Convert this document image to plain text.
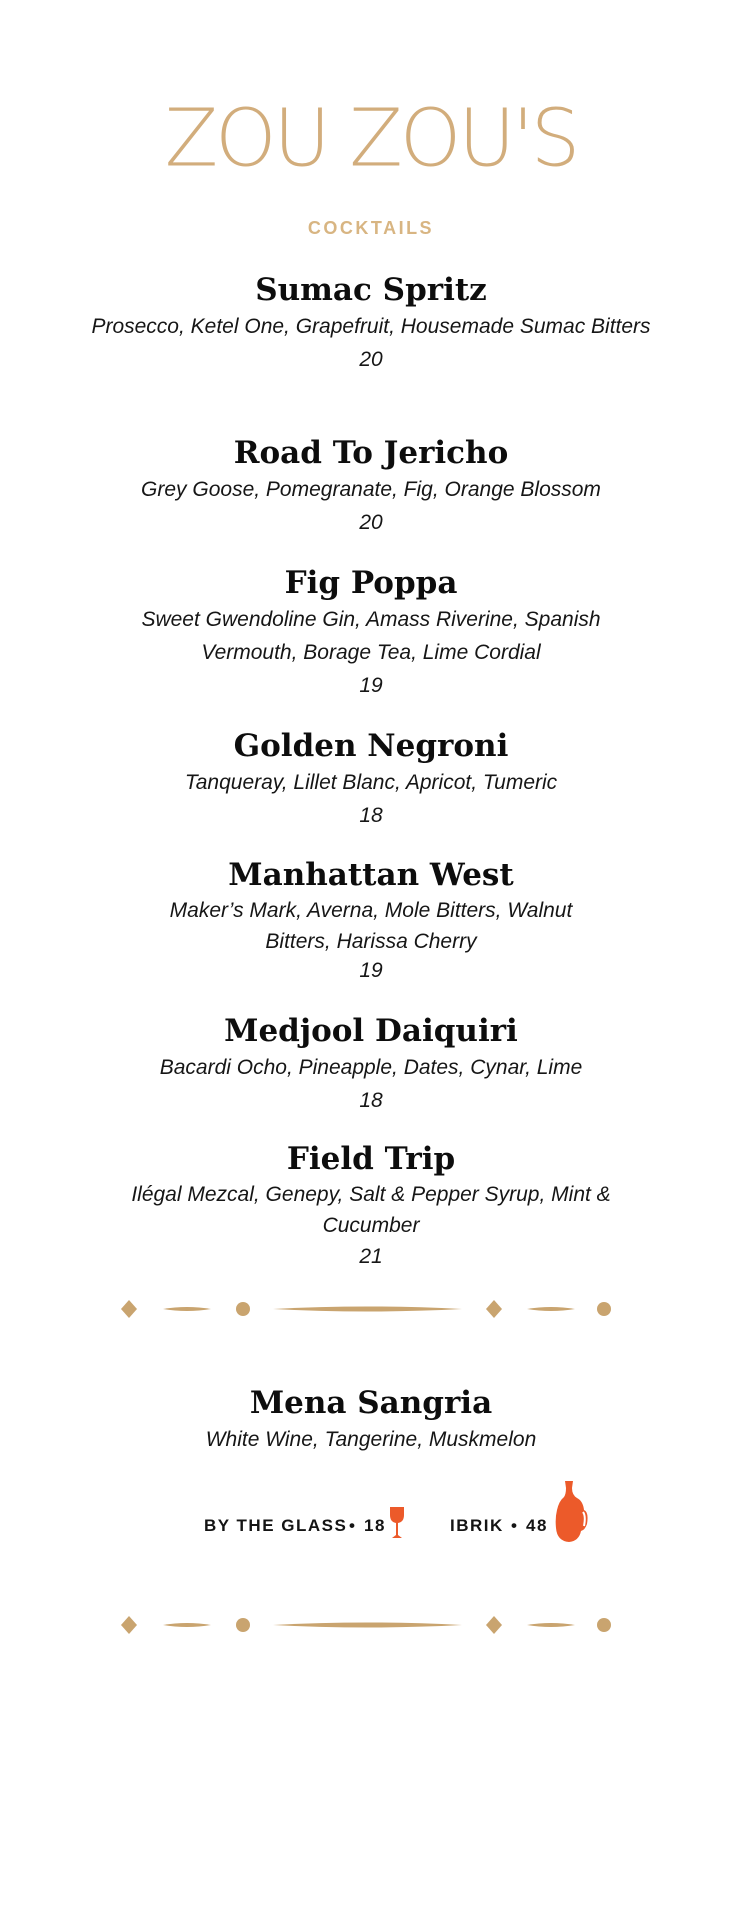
ZOU ZOU'S
COCKTAILS
Sumac Spritz
Prosecco, Ketel One, Grapefruit, Housemade Sumac Bitters
20
Road To Jericho
Grey Goose, Pomegranate, Fig, Orange Blossom
20
Fig Poppa
Sweet Gwendoline Gin, Amass Riverine, Spanish Vermouth, Borage Tea, Lime Cordial
19
Golden Negroni
Tanqueray, Lillet Blanc, Apricot, Tumeric
18
Manhattan West
Maker’s Mark, Averna, Mole Bitters, Walnut Bitters, Harissa Cherry
19
Medjool Daiquiri
Bacardi Ocho, Pineapple, Dates, Cynar, Lime
18
Field Trip
Ilégal Mezcal, Genepy, Salt & Pepper Syrup, Mint & Cucumber
21
Mena Sangria
White Wine, Tangerine, Muskmelon
BY THE GLASS • 18	IBRIK • 48
